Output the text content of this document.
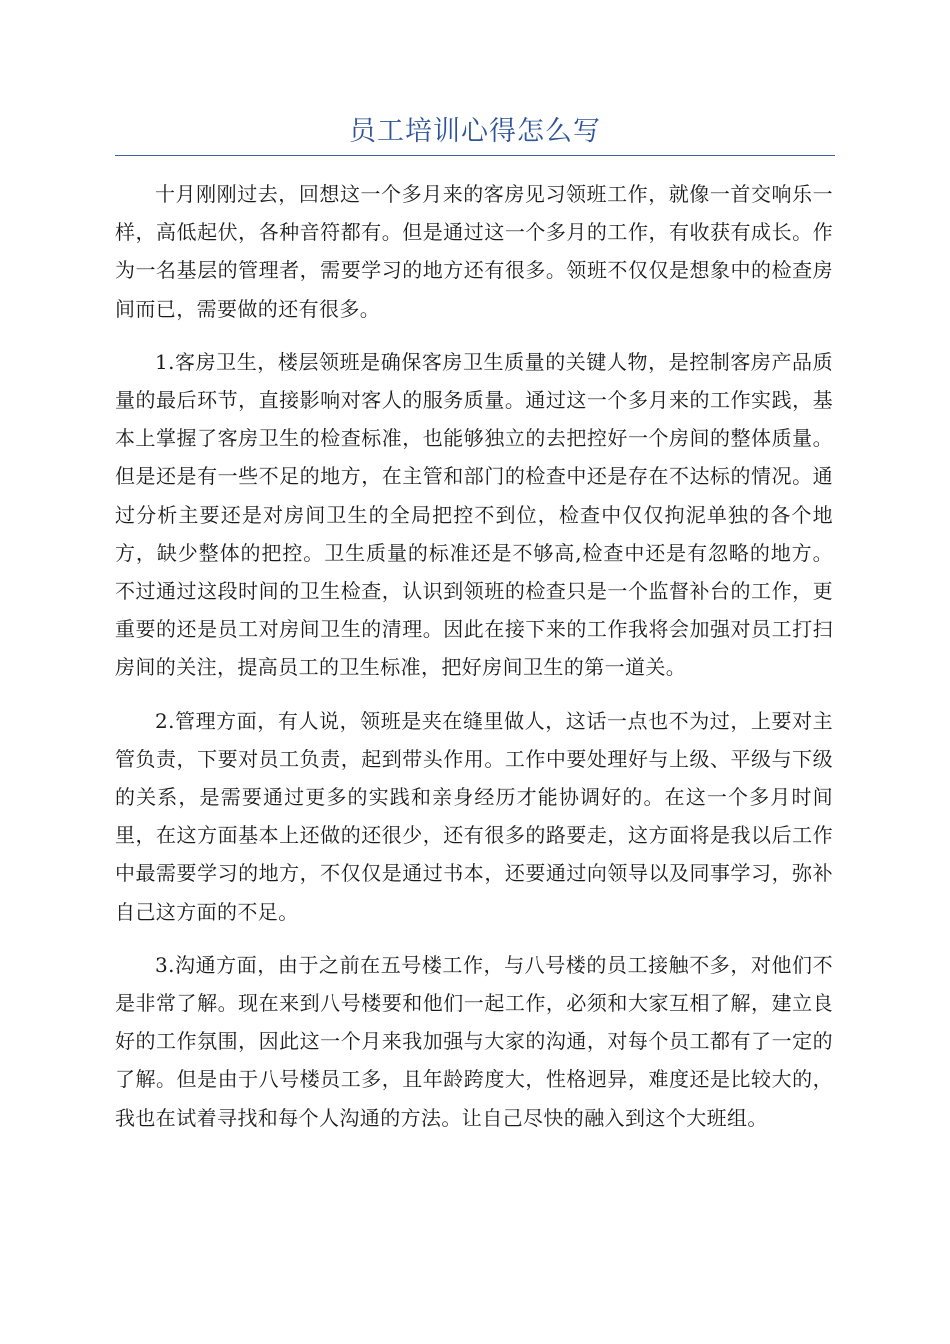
员工培训心得怎么写

十月刚刚过去，回想这一个多月来的客房见习领班工作，就像一首交响乐一样，高低起伏，各种音符都有。但是通过这一个多月的工作，有收获有成长。作为一名基层的管理者，需要学习的地方还有很多。领班不仅仅是想象中的检查房间而已，需要做的还有很多。

1.客房卫生，楼层领班是确保客房卫生质量的关键人物，是控制客房产品质量的最后环节，直接影响对客人的服务质量。通过这一个多月来的工作实践，基本上掌握了客房卫生的检查标准，也能够独立的去把控好一个房间的整体质量。但是还是有一些不足的地方，在主管和部门的检查中还是存在不达标的情况。通过分析主要还是对房间卫生的全局把控不到位，检查中仅仅拘泥单独的各个地方，缺少整体的把控。卫生质量的标准还是不够高,检查中还是有忽略的地方。不过通过这段时间的卫生检查，认识到领班的检查只是一个监督补台的工作，更重要的还是员工对房间卫生的清理。因此在接下来的工作我将会加强对员工打扫房间的关注，提高员工的卫生标准，把好房间卫生的第一道关。

2.管理方面，有人说，领班是夹在缝里做人，这话一点也不为过，上要对主管负责，下要对员工负责，起到带头作用。工作中要处理好与上级、平级与下级的关系，是需要通过更多的实践和亲身经历才能协调好的。在这一个多月时间里，在这方面基本上还做的还很少，还有很多的路要走，这方面将是我以后工作中最需要学习的地方，不仅仅是通过书本，还要通过向领导以及同事学习，弥补自己这方面的不足。

3.沟通方面，由于之前在五号楼工作，与八号楼的员工接触不多，对他们不是非常了解。现在来到八号楼要和他们一起工作，必须和大家互相了解，建立良好的工作氛围，因此这一个月来我加强与大家的沟通，对每个员工都有了一定的了解。但是由于八号楼员工多，且年龄跨度大，性格迥异，难度还是比较大的，我也在试着寻找和每个人沟通的方法。让自己尽快的融入到这个大班组。
